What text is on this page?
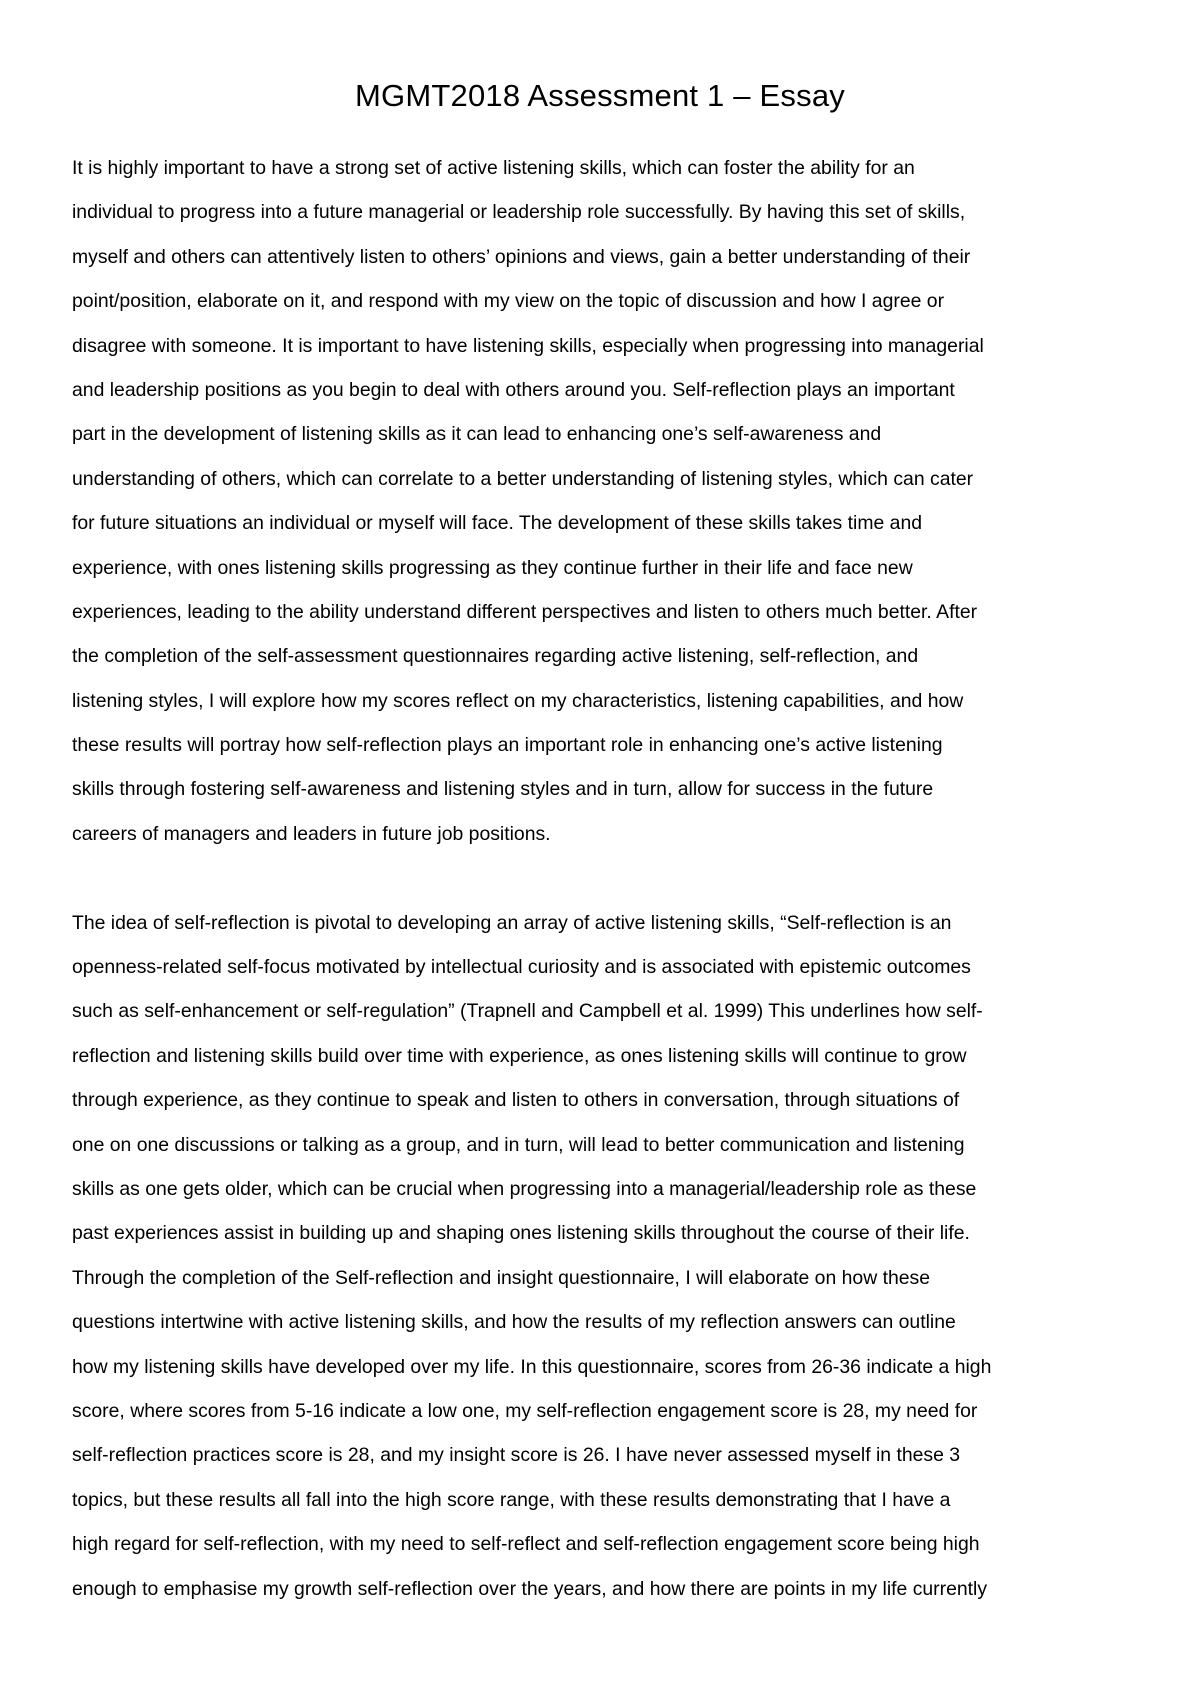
MGMT2018 Assessment 1 – Essay
It is highly important to have a strong set of active listening skills, which can foster the ability for an
individual to progress into a future managerial or leadership role successfully. By having this set of skills,
myself and others can attentively listen to others’ opinions and views, gain a better understanding of their
point/position, elaborate on it, and respond with my view on the topic of discussion and how I agree or
disagree with someone. It is important to have listening skills, especially when progressing into managerial
and leadership positions as you begin to deal with others around you. Self-reflection plays an important
part in the development of listening skills as it can lead to enhancing one’s self-awareness and
understanding of others, which can correlate to a better understanding of listening styles, which can cater
for future situations an individual or myself will face. The development of these skills takes time and
experience, with ones listening skills progressing as they continue further in their life and face new
experiences, leading to the ability understand different perspectives and listen to others much better. After
the completion of the self-assessment questionnaires regarding active listening, self-reflection, and
listening styles, I will explore how my scores reflect on my characteristics, listening capabilities, and how
these results will portray how self-reflection plays an important role in enhancing one’s active listening
skills through fostering self-awareness and listening styles and in turn, allow for success in the future
careers of managers and leaders in future job positions.
The idea of self-reflection is pivotal to developing an array of active listening skills, “Self-reflection is an
openness-related self-focus motivated by intellectual curiosity and is associated with epistemic outcomes
such as self-enhancement or self-regulation” (Trapnell and Campbell et al. 1999) This underlines how self-
reflection and listening skills build over time with experience, as ones listening skills will continue to grow
through experience, as they continue to speak and listen to others in conversation, through situations of
one on one discussions or talking as a group, and in turn, will lead to better communication and listening
skills as one gets older, which can be crucial when progressing into a managerial/leadership role as these
past experiences assist in building up and shaping ones listening skills throughout the course of their life.
Through the completion of the Self-reflection and insight questionnaire, I will elaborate on how these
questions intertwine with active listening skills, and how the results of my reflection answers can outline
how my listening skills have developed over my life. In this questionnaire, scores from 26-36 indicate a high
score, where scores from 5-16 indicate a low one, my self-reflection engagement score is 28, my need for
self-reflection practices score is 28, and my insight score is 26. I have never assessed myself in these 3
topics, but these results all fall into the high score range, with these results demonstrating that I have a
high regard for self-reflection, with my need to self-reflect and self-reflection engagement score being high
enough to emphasise my growth self-reflection over the years, and how there are points in my life currently
